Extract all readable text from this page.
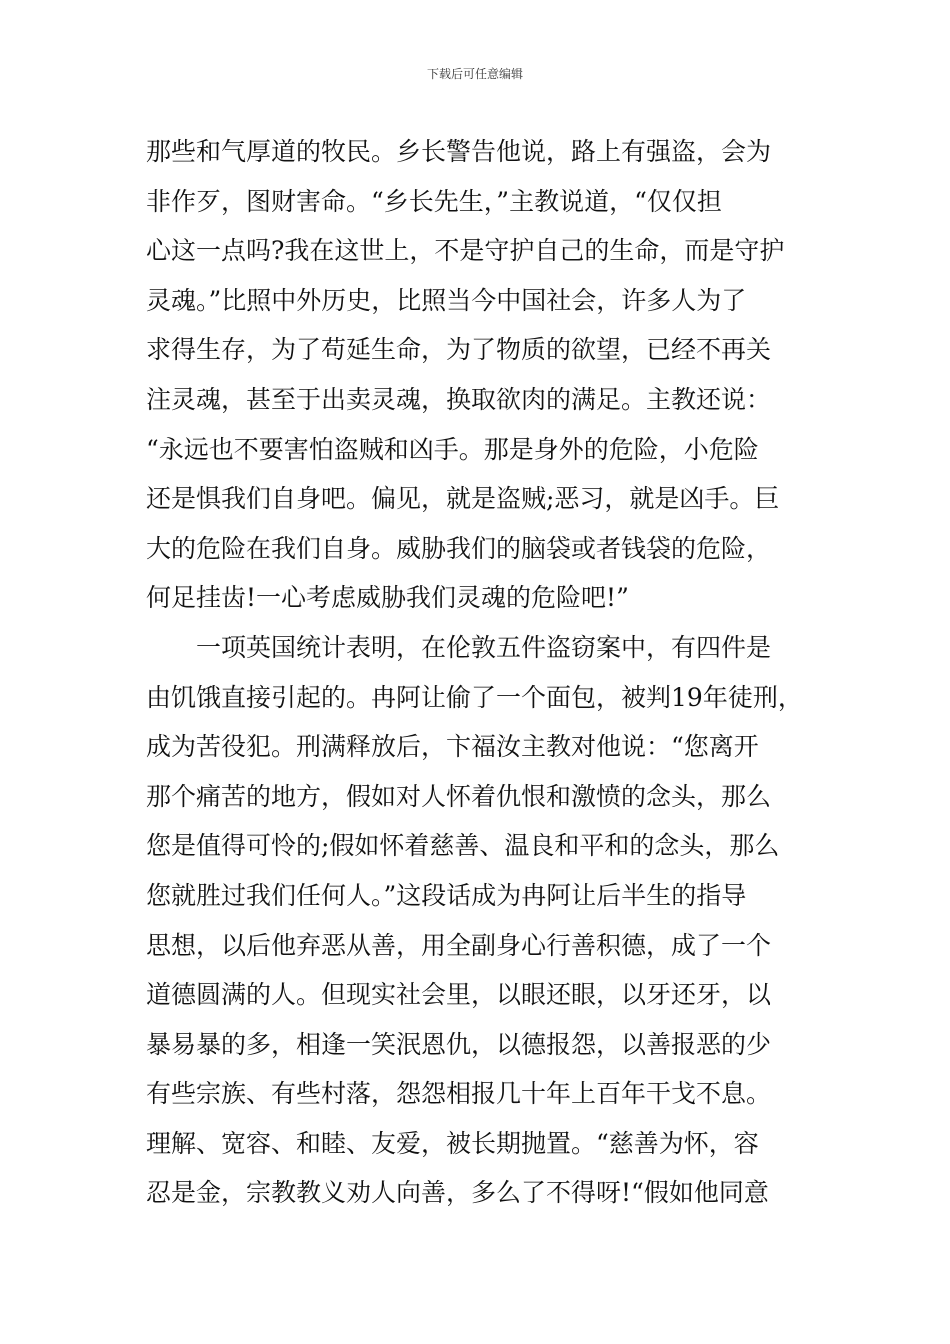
下载后可任意编辑
那些和气厚道的牧民。乡长警告他说，路上有强盗，会为
非作歹，图财害命。“乡长先生，”主教说道，“仅仅担
心这一点吗?我在这世上，不是守护自己的生命，而是守护
灵魂。”比照中外历史，比照当今中国社会，许多人为了
求得生存，为了苟延生命，为了物质的欲望，已经不再关
注灵魂，甚至于出卖灵魂，换取欲肉的满足。主教还说：
“永远也不要害怕盗贼和凶手。那是身外的危险，小危险
还是惧我们自身吧。偏见，就是盗贼;恶习，就是凶手。巨
大的危险在我们自身。威胁我们的脑袋或者钱袋的危险，
何足挂齿!一心考虑威胁我们灵魂的危险吧!”
一项英国统计表明，在伦敦五件盗窃案中，有四件是
由饥饿直接引起的。冉阿让偷了一个面包，被判19年徒刑，
成为苦役犯。刑满释放后，卞福汝主教对他说：“您离开
那个痛苦的地方，假如对人怀着仇恨和激愤的念头，那么
您是值得可怜的;假如怀着慈善、温良和平和的念头，那么
您就胜过我们任何人。”这段话成为冉阿让后半生的指导
思想，以后他弃恶从善，用全副身心行善积德，成了一个
道德圆满的人。但现实社会里，以眼还眼，以牙还牙，以
暴易暴的多，相逢一笑泯恩仇，以德报怨，以善报恶的少
有些宗族、有些村落，怨怨相报几十年上百年干戈不息。
理解、宽容、和睦、友爱，被长期抛置。“慈善为怀，容
忍是金，宗教教义劝人向善，多么了不得呀!“假如他同意
